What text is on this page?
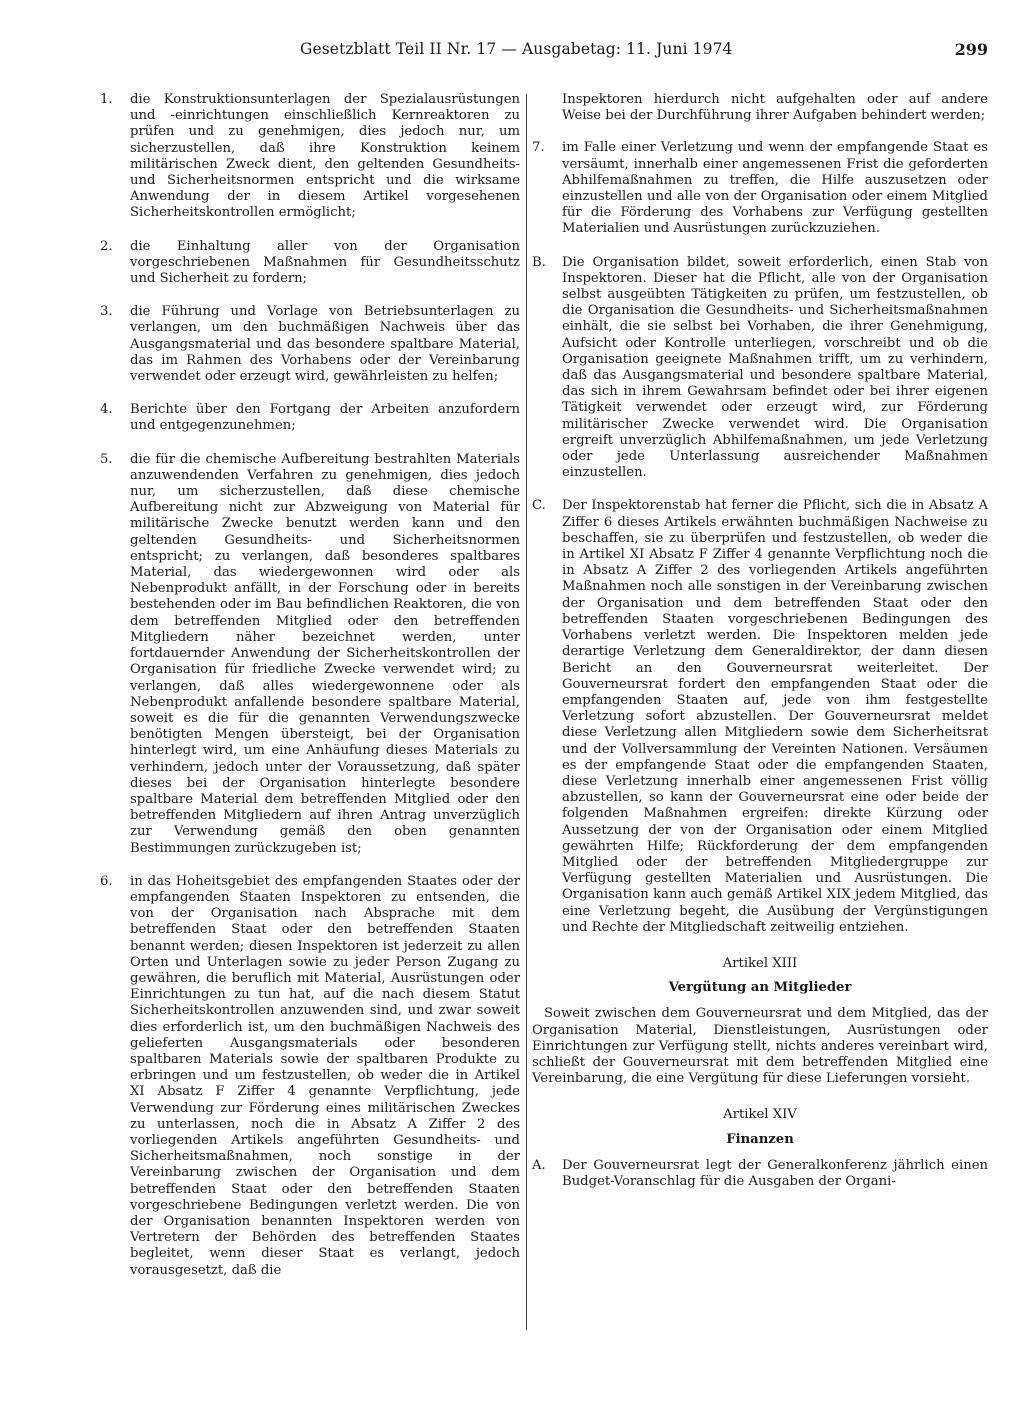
Gesetzblatt Teil II Nr. 17 — Ausgabetag: 11. Juni 1974	299
1.	die Konstruktionsunterlagen der Spezialausrüstungen und -einrichtungen einschließlich Kernreaktoren zu prüfen und zu genehmigen, dies jedoch nur, um sicherzustellen, daß ihre Konstruktion keinem militärischen Zweck dient, den geltenden Gesundheits- und Sicherheitsnormen entspricht und die wirksame Anwendung der in diesem Artikel vorgesehenen Sicherheitskontrollen ermöglicht;
2.	die Einhaltung aller von der Organisation vorgeschriebenen Maßnahmen für Gesundheitsschutz und Sicherheit zu fordern;
3.	die Führung und Vorlage von Betriebsunterlagen zu verlangen, um den buchmäßigen Nachweis über das Ausgangsmaterial und das besondere spaltbare Material, das im Rahmen des Vorhabens oder der Vereinbarung verwendet oder erzeugt wird, gewährleisten zu helfen;
4.	Berichte über den Fortgang der Arbeiten anzufordern und entgegenzunehmen;
5.	die für die chemische Aufbereitung bestrahlten Materials anzuwendenden Verfahren zu genehmigen, dies jedoch nur, um sicherzustellen, daß diese chemische Aufbereitung nicht zur Abzweigung von Material für militärische Zwecke benutzt werden kann und den geltenden Gesundheits- und Sicherheitsnormen entspricht; zu verlangen, daß besonderes spaltbares Material, das wiedergewonnen wird oder als Nebenprodukt anfällt, in der Forschung oder in bereits bestehenden oder im Bau befindlichen Reaktoren, die von dem betreffenden Mitglied oder den betreffenden Mitgliedern näher bezeichnet werden, unter fortdauernder Anwendung der Sicherheitskontrollen der Organisation für friedliche Zwecke verwendet wird; zu verlangen, daß alles wiedergewonnene oder als Nebenprodukt anfallende besondere spaltbare Material, soweit es die für die genannten Verwendungszwecke benötigten Mengen übersteigt, bei der Organisation hinterlegt wird, um eine Anhäufung dieses Materials zu verhindern, jedoch unter der Voraussetzung, daß später dieses bei der Organisation hinterlegte besondere spaltbare Material dem betreffenden Mitglied oder den betreffenden Mitgliedern auf ihren Antrag unverzüglich zur Verwendung gemäß den oben genannten Bestimmungen zurückzugeben ist;
6.	in das Hoheitsgebiet des empfangenden Staates oder der empfangenden Staaten Inspektoren zu entsenden, die von der Organisation nach Absprache mit dem betreffenden Staat oder den betreffenden Staaten benannt werden; diesen Inspektoren ist jederzeit zu allen Orten und Unterlagen sowie zu jeder Person Zugang zu gewähren, die beruflich mit Material, Ausrüstungen oder Einrichtungen zu tun hat, auf die nach diesem Statut Sicherheitskontrollen anzuwenden sind, und zwar soweit dies erforderlich ist, um den buchmäßigen Nachweis des gelieferten Ausgangsmaterials oder besonderen spaltbaren Materials sowie der spaltbaren Produkte zu erbringen und um festzustellen, ob weder die in Artikel XI Absatz F Ziffer 4 genannte Verpflichtung, jede Verwendung zur Förderung eines militärischen Zweckes zu unterlassen, noch die in Absatz A Ziffer 2 des vorliegenden Artikels angeführten Gesundheits- und Sicherheitsmaßnahmen, noch sonstige in der Vereinbarung zwischen der Organisation und dem betreffenden Staat oder den betreffenden Staaten vorgeschriebene Bedingungen verletzt werden. Die von der Organisation benannten Inspektoren werden von Vertretern der Behörden des betreffenden Staates begleitet, wenn dieser Staat es verlangt, jedoch vorausgesetzt, daß die
Inspektoren hierdurch nicht aufgehalten oder auf andere Weise bei der Durchführung ihrer Aufgaben behindert werden;
7.	im Falle einer Verletzung und wenn der empfangende Staat es versäumt, innerhalb einer angemessenen Frist die geforderten Abhilfemaßnahmen zu treffen, die Hilfe auszusetzen oder einzustellen und alle von der Organisation oder einem Mitglied für die Förderung des Vorhabens zur Verfügung gestellten Materialien und Ausrüstungen zurückzuziehen.
B.	Die Organisation bildet, soweit erforderlich, einen Stab von Inspektoren. Dieser hat die Pflicht, alle von der Organisation selbst ausgeübten Tätigkeiten zu prüfen, um festzustellen, ob die Organisation die Gesundheits- und Sicherheitsmaßnahmen einhält, die sie selbst bei Vorhaben, die ihrer Genehmigung, Aufsicht oder Kontrolle unterliegen, vorschreibt und ob die Organisation geeignete Maßnahmen trifft, um zu verhindern, daß das Ausgangsmaterial und besondere spaltbare Material, das sich in ihrem Gewahrsam befindet oder bei ihrer eigenen Tätigkeit verwendet oder erzeugt wird, zur Förderung militärischer Zwecke verwendet wird. Die Organisation ergreift unverzüglich Abhilfemaßnahmen, um jede Verletzung oder jede Unterlassung ausreichender Maßnahmen einzustellen.
C.	Der Inspektorenstab hat ferner die Pflicht, sich die in Absatz A Ziffer 6 dieses Artikels erwähnten buchmäßigen Nachweise zu beschaffen, sie zu überprüfen und festzustellen, ob weder die in Artikel XI Absatz F Ziffer 4 genannte Verpflichtung noch die in Absatz A Ziffer 2 des vorliegenden Artikels angeführten Maßnahmen noch alle sonstigen in der Vereinbarung zwischen der Organisation und dem betreffenden Staat oder den betreffenden Staaten vorgeschriebenen Bedingungen des Vorhabens verletzt werden. Die Inspektoren melden jede derartige Verletzung dem Generaldirektor, der dann diesen Bericht an den Gouverneursrat weiterleitet. Der Gouverneursrat fordert den empfangenden Staat oder die empfangenden Staaten auf, jede von ihm festgestellte Verletzung sofort abzustellen. Der Gouverneursrat meldet diese Verletzung allen Mitgliedern sowie dem Sicherheitsrat und der Vollversammlung der Vereinten Nationen. Versäumen es der empfangende Staat oder die empfangenden Staaten, diese Verletzung innerhalb einer angemessenen Frist völlig abzustellen, so kann der Gouverneursrat eine oder beide der folgenden Maßnahmen ergreifen: direkte Kürzung oder Aussetzung der von der Organisation oder einem Mitglied gewährten Hilfe; Rückforderung der dem empfangenden Mitglied oder der betreffenden Mitgliedergruppe zur Verfügung gestellten Materialien und Ausrüstungen. Die Organisation kann auch gemäß Artikel XIX jedem Mitglied, das eine Verletzung begeht, die Ausübung der Vergünstigungen und Rechte der Mitgliedschaft zeitweilig entziehen.
Artikel XIII
Vergütung an Mitglieder
Soweit zwischen dem Gouverneursrat und dem Mitglied, das der Organisation Material, Dienstleistungen, Ausrüstungen oder Einrichtungen zur Verfügung stellt, nichts anderes vereinbart wird, schließt der Gouverneursrat mit dem betreffenden Mitglied eine Vereinbarung, die eine Vergütung für diese Lieferungen vorsieht.
Artikel XIV
Finanzen
A.	Der Gouverneursrat legt der Generalkonferenz jährlich einen Budget-Voranschlag für die Ausgaben der Organi-
